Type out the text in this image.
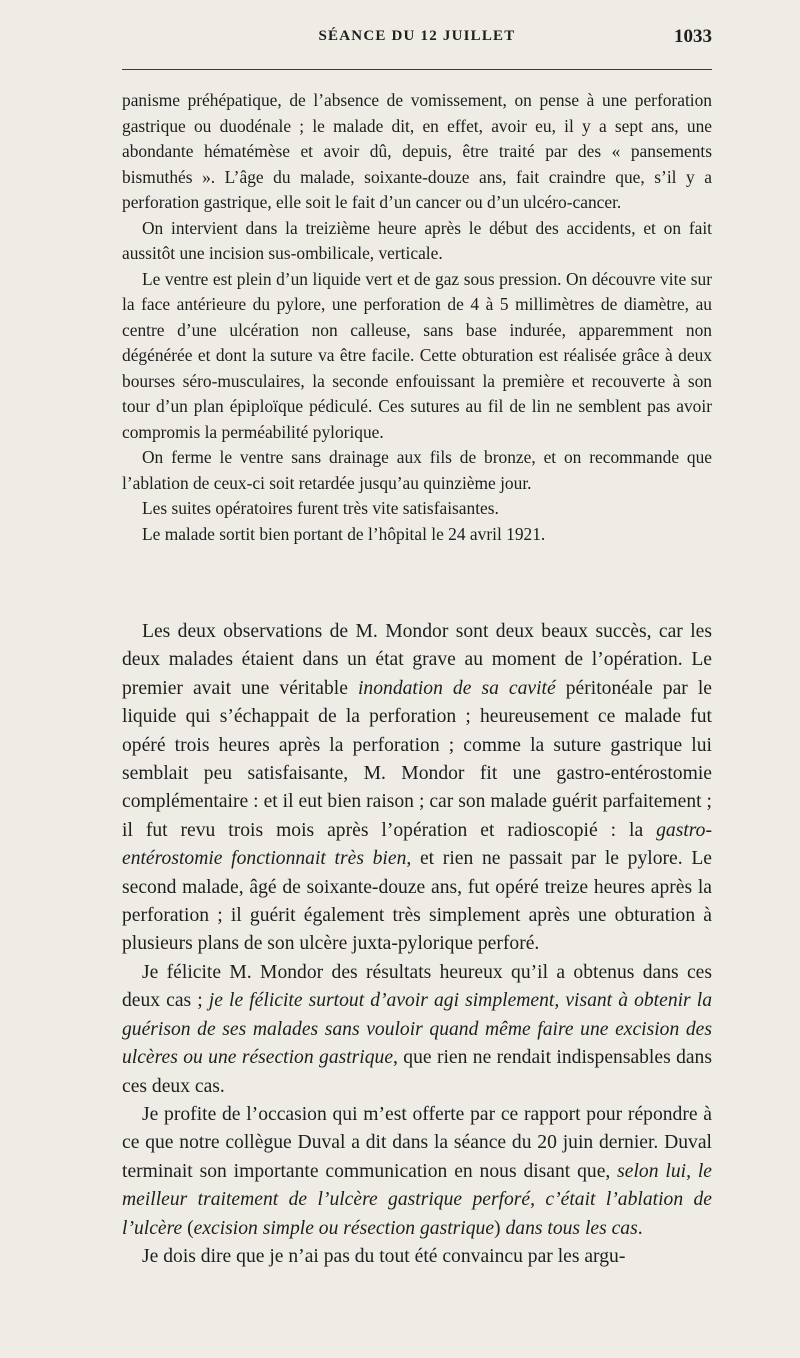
SÉANCE DU 12 JUILLET	1033

panisme préhépatique, de l’absence de vomissement, on pense à une perforation gastrique ou duodénale ; le malade dit, en effet, avoir eu, il y a sept ans, une abondante hématémèse et avoir dû, depuis, être traité par des « pansements bismuthés ». L’âge du malade, soixante-douze ans, fait craindre que, s’il y a perforation gastrique, elle soit le fait d’un cancer ou d’un ulcéro-cancer.

On intervient dans la treizième heure après le début des accidents, et on fait aussitôt une incision sus-ombilicale, verticale.

Le ventre est plein d’un liquide vert et de gaz sous pression. On découvre vite sur la face antérieure du pylore, une perforation de 4 à 5 millimètres de diamètre, au centre d’une ulcération non calleuse, sans base indurée, apparemment non dégénérée et dont la suture va être facile. Cette obturation est réalisée grâce à deux bourses séro-musculaires, la seconde enfouissant la première et recouverte à son tour d’un plan épiploïque pédiculé. Ces sutures au fil de lin ne semblent pas avoir compromis la perméabilité pylorique.

On ferme le ventre sans drainage aux fils de bronze, et on recommande que l’ablation de ceux-ci soit retardée jusqu’au quinzième jour.

Les suites opératoires furent très vite satisfaisantes.

Le malade sortit bien portant de l’hôpital le 24 avril 1921.

Les deux observations de M. Mondor sont deux beaux succès, car les deux malades étaient dans un état grave au moment de l’opération. Le premier avait une véritable inondation de sa cavité péritonéale par le liquide qui s’échappait de la perforation ; heureusement ce malade fut opéré trois heures après la perforation ; comme la suture gastrique lui semblait peu satisfaisante, M. Mondor fit une gastro-entérostomie complémentaire : et il eut bien raison ; car son malade guérit parfaitement ; il fut revu trois mois après l’opération et radioscopié : la gastro-entérostomie fonctionnait très bien, et rien ne passait par le pylore. Le second malade, âgé de soixante-douze ans, fut opéré treize heures après la perforation ; il guérit également très simplement après une obturation à plusieurs plans de son ulcère juxta-pylorique perforé.

Je félicite M. Mondor des résultats heureux qu’il a obtenus dans ces deux cas ; je le félicite surtout d’avoir agi simplement, visant à obtenir la guérison de ses malades sans vouloir quand même faire une excision des ulcères ou une résection gastrique, que rien ne rendait indispensables dans ces deux cas.

Je profite de l’occasion qui m’est offerte par ce rapport pour répondre à ce que notre collègue Duval a dit dans la séance du 20 juin dernier. Duval terminait son importante communication en nous disant que, selon lui, le meilleur traitement de l’ulcère gastrique perforé, c’était l’ablation de l’ulcère (excision simple ou résection gastrique) dans tous les cas.

Je dois dire que je n’ai pas du tout été convaincu par les argu-
